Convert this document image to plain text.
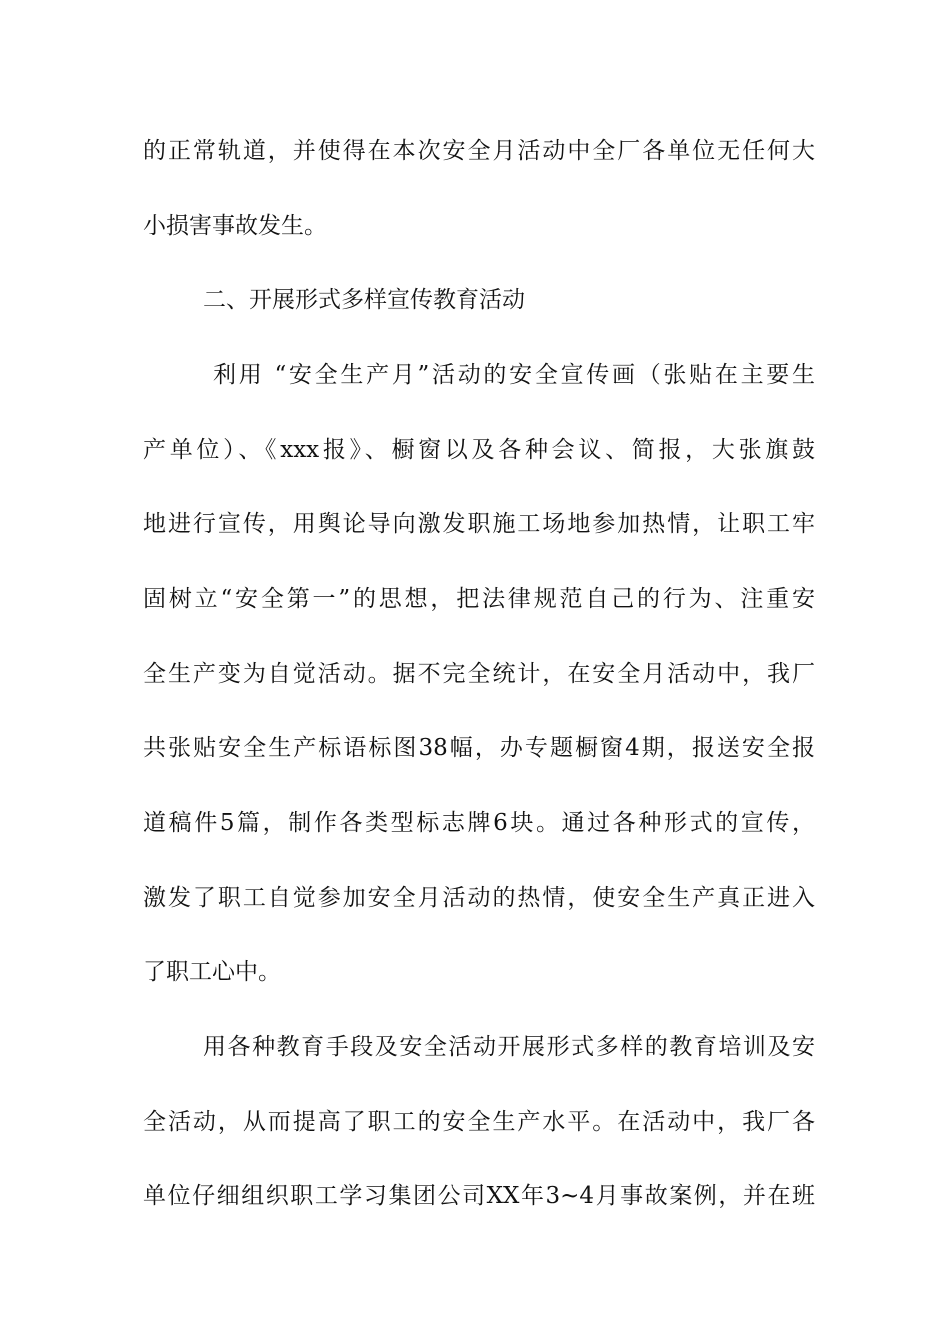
的正常轨道，并使得在本次安全月活动中全厂各单位无任何大
小损害事故发生。
二、开展形式多样宣传教育活动
利用 “安全生产月”活动的安全宣传画（张贴在主要生
产单位）、《xxx报》、橱窗以及各种会议、简报，大张旗鼓
地进行宣传，用舆论导向激发职施工场地参加热情，让职工牢
固树立“安全第一”的思想，把法律规范自己的行为、注重安
全生产变为自觉活动。据不完全统计，在安全月活动中，我厂
共张贴安全生产标语标图38幅，办专题橱窗4期，报送安全报
道稿件5篇，制作各类型标志牌6块。通过各种形式的宣传，
激发了职工自觉参加安全月活动的热情，使安全生产真正进入
了职工心中。
用各种教育手段及安全活动开展形式多样的教育培训及安
全活动，从而提高了职工的安全生产水平。在活动中，我厂各
单位仔细组织职工学习集团公司XX年3~4月事故案例，并在班
